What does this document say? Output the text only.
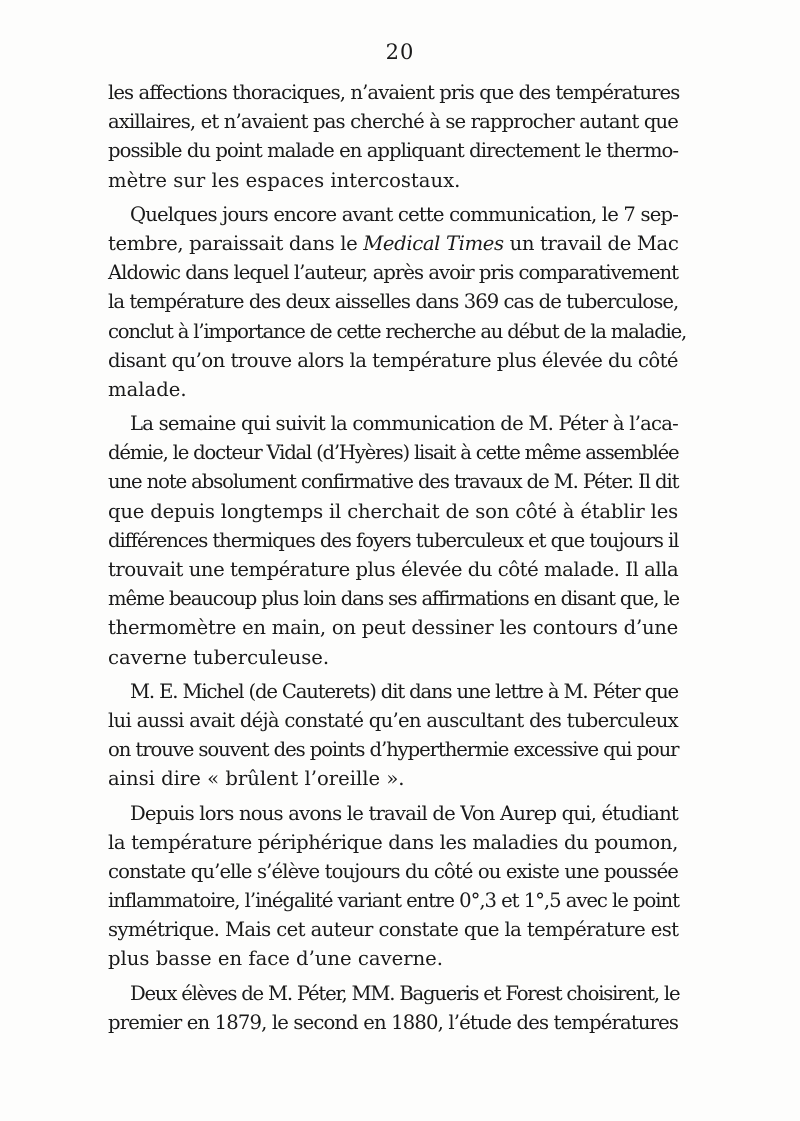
20
les affections thoraciques, n’avaient pris que des températures
axillaires, et n’avaient pas cherché à se rapprocher autant que
possible du point malade en appliquant directement le thermo-
mètre sur les espaces intercostaux.
Quelques jours encore avant cette communication, le 7 sep-
tembre, paraissait dans le Medical Times un travail de Mac
Aldowic dans lequel l’auteur, après avoir pris comparativement
la température des deux aisselles dans 369 cas de tuberculose,
conclut à l’importance de cette recherche au début de la maladie,
disant qu’on trouve alors la température plus élevée du côté
malade.
La semaine qui suivit la communication de M. Péter à l’aca-
démie, le docteur Vidal (d’Hyères) lisait à cette même assemblée
une note absolument confirmative des travaux de M. Péter. Il dit
que depuis longtemps il cherchait de son côté à établir les
différences thermiques des foyers tuberculeux et que toujours il
trouvait une température plus élevée du côté malade. Il alla
même beaucoup plus loin dans ses affirmations en disant que, le
thermomètre en main, on peut dessiner les contours d’une
caverne tuberculeuse.
M. E. Michel (de Cauterets) dit dans une lettre à M. Péter que
lui aussi avait déjà constaté qu’en auscultant des tuberculeux
on trouve souvent des points d’hyperthermie excessive qui pour
ainsi dire « brûlent l’oreille ».
Depuis lors nous avons le travail de Von Aurep qui, étudiant
la température périphérique dans les maladies du poumon,
constate qu’elle s’élève toujours du côté ou existe une poussée
inflammatoire, l’inégalité variant entre 0°,3 et 1°,5 avec le point
symétrique. Mais cet auteur constate que la température est
plus basse en face d’une caverne.
Deux élèves de M. Péter, MM. Bagueris et Forest choisirent, le
premier en 1879, le second en 1880, l’étude des températures
